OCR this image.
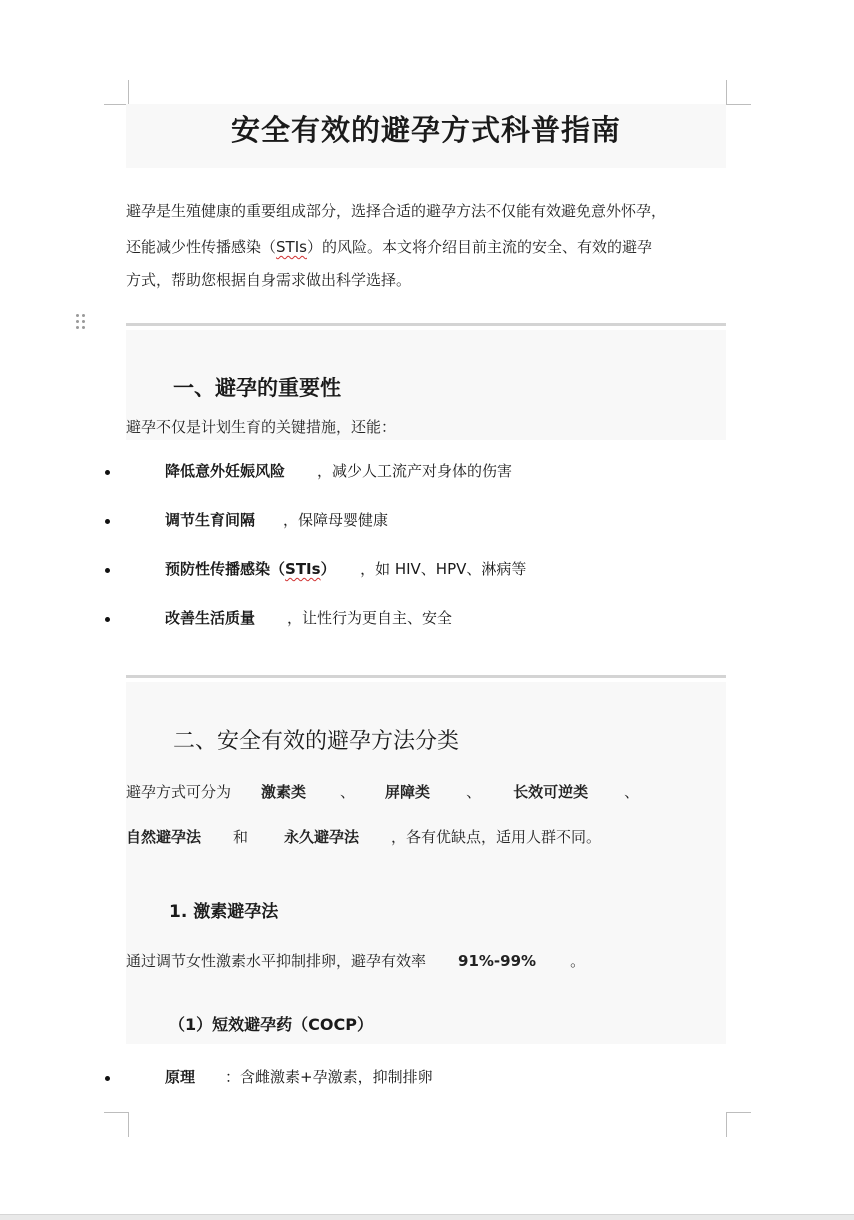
安全有效的避孕方式科普指南
避孕是生殖健康的重要组成部分，选择合适的避孕方法不仅能有效避免意外怀孕，
还能减少性传播感染（STIs）的风险。本文将介绍目前主流的安全、有效的避孕
方式，帮助您根据自身需求做出科学选择。
一、避孕的重要性
避孕不仅是计划生育的关键措施，还能：
降低意外妊娠风险 ，减少人工流产对身体的伤害
调节生育间隔 ，保障母婴健康
预防性传播感染（STIs） ，如 HIV、HPV、淋病等
改善生活质量 ，让性行为更自主、安全
二、安全有效的避孕方法分类
避孕方式可分为 激素类 、 屏障类 、 长效可逆类 、
自然避孕法 和 永久避孕法 ，各有优缺点，适用人群不同。
1. 激素避孕法
通过调节女性激素水平抑制排卵，避孕有效率 91%-99% 。
（1）短效避孕药（COCP）
原理 ：含雌激素+孕激素，抑制排卵
